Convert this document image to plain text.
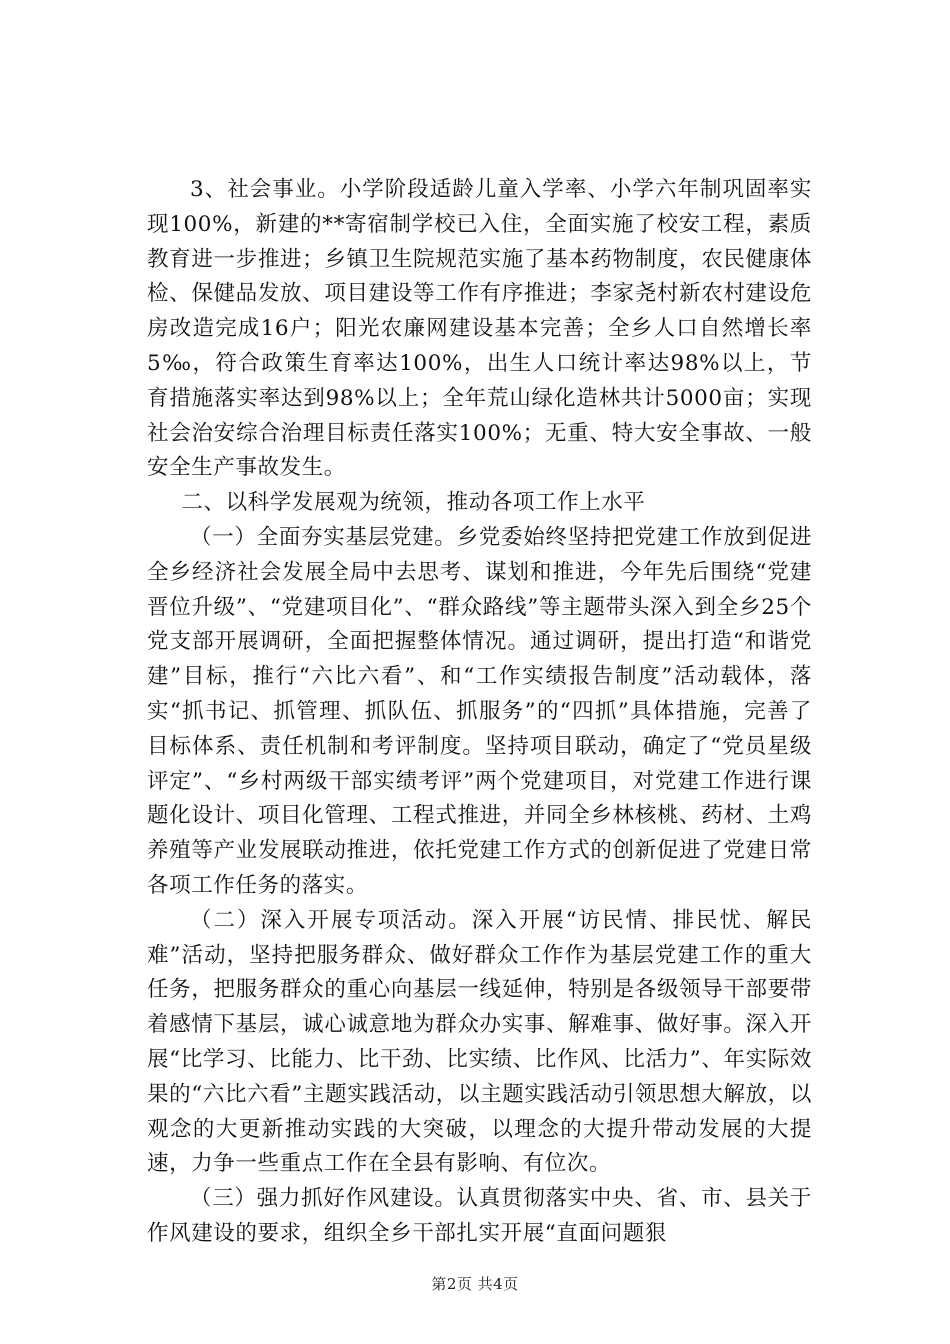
3、社会事业。小学阶段适龄儿童入学率、小学六年制巩固率实现100%，新建的**寄宿制学校已入住，全面实施了校安工程，素质教育进一步推进；乡镇卫生院规范实施了基本药物制度，农民健康体检、保健品发放、项目建设等工作有序推进；李家尧村新农村建设危房改造完成16户；阳光农廉网建设基本完善；全乡人口自然增长率5‰，符合政策生育率达100%，出生人口统计率达98%以上，节育措施落实率达到98%以上；全年荒山绿化造林共计5000亩；实现社会治安综合治理目标责任落实100%；无重、特大安全事故、一般安全生产事故发生。

二、以科学发展观为统领，推动各项工作上水平

（一）全面夯实基层党建。乡党委始终坚持把党建工作放到促进全乡经济社会发展全局中去思考、谋划和推进，今年先后围绕“党建晋位升级”、“党建项目化”、“群众路线”等主题带头深入到全乡25个党支部开展调研，全面把握整体情况。通过调研，提出打造“和谐党建”目标，推行“六比六看”、和“工作实绩报告制度”活动载体，落实“抓书记、抓管理、抓队伍、抓服务”的“四抓”具体措施，完善了目标体系、责任机制和考评制度。坚持项目联动，确定了“党员星级评定”、“乡村两级干部实绩考评”两个党建项目，对党建工作进行课题化设计、项目化管理、工程式推进，并同全乡林核桃、药材、土鸡养殖等产业发展联动推进，依托党建工作方式的创新促进了党建日常各项工作任务的落实。

（二）深入开展专项活动。深入开展“访民情、排民忧、解民难”活动，坚持把服务群众、做好群众工作作为基层党建工作的重大任务，把服务群众的重心向基层一线延伸，特别是各级领导干部要带着感情下基层，诚心诚意地为群众办实事、解难事、做好事。深入开展“比学习、比能力、比干劲、比实绩、比作风、比活力”、年实际效果的“六比六看”主题实践活动，以主题实践活动引领思想大解放，以观念的大更新推动实践的大突破，以理念的大提升带动发展的大提速，力争一些重点工作在全县有影响、有位次。

（三）强力抓好作风建设。认真贯彻落实中央、省、市、县关于作风建设的要求，组织全乡干部扎实开展“直面问题狠

第2页 共4页
